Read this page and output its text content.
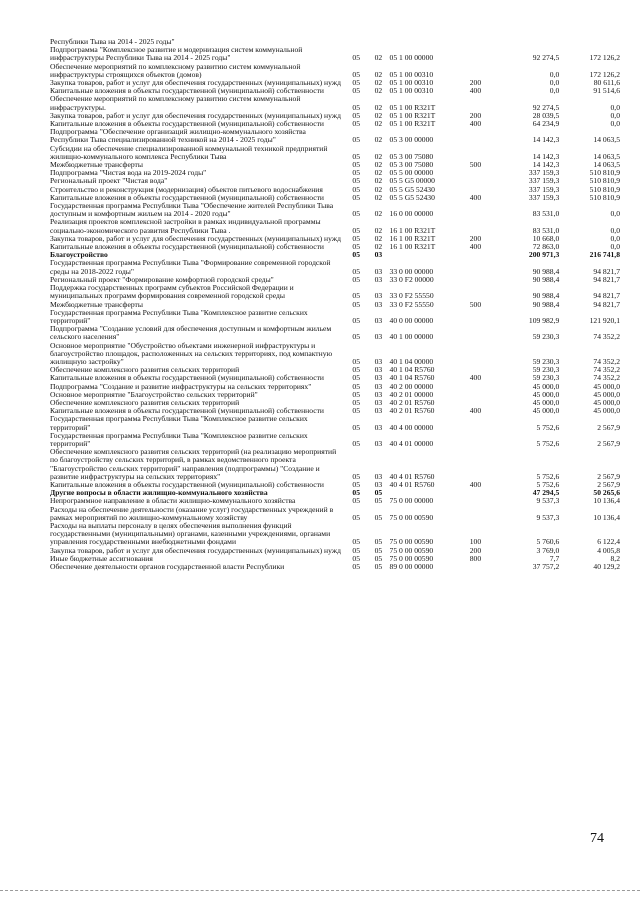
Республики Тыва на 2014 - 2025 годы"						
Подпрограмма "Комплексное развитие и модернизация систем коммунальной инфраструктуры Республики Тыва на 2014 - 2025 годы"	05	02	05 1 00 00000		92 274,5	172 126,2
Обеспечение мероприятий по комплексному развитию систем коммунальной инфраструктуры строящихся объектов (домов)	05	02	05 1 00 00310		0,0	172 126,2
Закупка товаров, работ и услуг для обеспечения государственных (муниципальных) нужд	05	02	05 1 00 00310	200	0,0	80 611,6
Капитальные вложения в объекты государственной (муниципальной) собственности	05	02	05 1 00 00310	400	0,0	91 514,6
Обеспечение мероприятий по комплексному развитию систем коммунальной инфраструктуры.	05	02	05 1 00 R321T		92 274,5	0,0
Закупка товаров, работ и услуг для обеспечения государственных (муниципальных) нужд	05	02	05 1 00 R321T	200	28 039,5	0,0
Капитальные вложения в объекты государственной (муниципальной) собственности	05	02	05 1 00 R321T	400	64 234,9	0,0
Подпрограмма "Обеспечение организаций жилищно-коммунального хозяйства Республики Тыва специализированной техникой на 2014 - 2025 годы"	05	02	05 3 00 00000		14 142,3	14 063,5
Субсидии на обеспечение специализированной коммунальной техникой предприятий жилищно-коммунального комплекса Республики Тыва	05	02	05 3 00 75080		14 142,3	14 063,5
Межбюджетные трансферты	05	02	05 3 00 75080	500	14 142,3	14 063,5
Подпрограмма "Чистая вода на 2019-2024 годы"	05	02	05 5 00 00000		337 159,3	510 810,9
Региональный проект "Чистая вода"	05	02	05 5 G5 00000		337 159,3	510 810,9
Строительство и реконструкция (модернизация) объектов питьевого водоснабжения	05	02	05 5 G5 52430		337 159,3	510 810,9
Капитальные вложения в объекты государственной (муниципальной) собственности	05	02	05 5 G5 52430	400	337 159,3	510 810,9
Государственная программа Республики Тыва "Обеспечение жителей Республики Тыва доступным и комфортным жильем на 2014 - 2020 годы"	05	02	16 0 00 00000		83 531,0	0,0
Реализация проектов комплексной застройки в рамках индивидуальной программы социально-экономического развития Республики Тыва .	05	02	16 1 00 R321T		83 531,0	0,0
Закупка товаров, работ и услуг для обеспечения государственных (муниципальных) нужд	05	02	16 1 00 R321T	200	10 668,0	0,0
Капитальные вложения в объекты государственной (муниципальной) собственности	05	02	16 1 00 R321T	400	72 863,0	0,0
Благоустройство	05	03			200 971,3	216 741,8
Государственная программа Республики Тыва "Формирование современной городской среды на 2018-2022 годы"	05	03	33 0 00 00000		90 988,4	94 821,7
Региональный проект "Формирование комфортной городской среды"	05	03	33 0 F2 00000		90 988,4	94 821,7
Поддержка государственных программ субъектов Российской Федерации и муниципальных программ формирования современной городской среды	05	03	33 0 F2 55550		90 988,4	94 821,7
Межбюджетные трансферты	05	03	33 0 F2 55550	500	90 988,4	94 821,7
Государственная программа Республики Тыва "Комплексное развитие сельских территорий"	05	03	40 0 00 00000		109 982,9	121 920,1
Подпрограмма "Создание условий для обеспечения доступным и комфортным жильем сельского населения"	05	03	40 1 00 00000		59 230,3	74 352,2
Основное мероприятие "Обустройство объектами инженерной инфраструктуры и благоустройство площадок, расположенных на сельских территориях, под компактную жилищную застройку"	05	03	40 1 04 00000		59 230,3	74 352,2
Обеспечение комплексного развития сельских территорий	05	03	40 1 04 R5760		59 230,3	74 352,2
Капитальные вложения в объекты государственной (муниципальной) собственности	05	03	40 1 04 R5760	400	59 230,3	74 352,2
Подпрограмма "Создание и развитие инфраструктуры на сельских территориях"	05	03	40 2 00 00000		45 000,0	45 000,0
Основное мероприятие "Благоустройство сельских территорий"	05	03	40 2 01 00000		45 000,0	45 000,0
Обеспечение комплексного развития сельских территорий	05	03	40 2 01 R5760		45 000,0	45 000,0
Капитальные вложения в объекты государственной (муниципальной) собственности	05	03	40 2 01 R5760	400	45 000,0	45 000,0
Государственная программа Республики Тыва "Комплексное развитие сельских территорий"	05	03	40 4 00 00000		5 752,6	2 567,9
Государственная программа Республики Тыва "Комплексное развитие сельских территорий"	05	03	40 4 01 00000		5 752,6	2 567,9
Обеспечение комплексного развития сельских территорий (на реализацию мероприятий по благоустройству сельских территорий, в рамках ведомственного проекта "Благоустройство сельских территорий" направления (подпрограммы) "Создание и развитие инфраструктуры на сельских территориях"	05	03	40 4 01 R5760		5 752,6	2 567,9
Капитальные вложения в объекты государственной (муниципальной) собственности	05	03	40 4 01 R5760	400	5 752,6	2 567,9
Другие вопросы в области жилищно-коммунального хозяйства	05	05			47 294,5	50 265,6
Непрограммное направление в области жилищно-коммунального хозяйства	05	05	75 0 00 00000		9 537,3	10 136,4
Расходы на обеспечение деятельности (оказание услуг) государственных учреждений в рамках мероприятий по жилищно-коммунальному хозяйству	05	05	75 0 00 00590		9 537,3	10 136,4
Расходы на выплаты персоналу в целях обеспечения выполнения функций государственными (муниципальными) органами, казенными учреждениями, органами управления государственными внебюджетными фондами	05	05	75 0 00 00590	100	5 760,6	6 122,4
Закупка товаров, работ и услуг для обеспечения государственных (муниципальных) нужд	05	05	75 0 00 00590	200	3 769,0	4 005,8
Иные бюджетные ассигнования	05	05	75 0 00 00590	800	7,7	8,2
Обеспечение деятельности органов государственной власти Республики	05	05	89 0 00 00000		37 757,2	40 129,2
74
